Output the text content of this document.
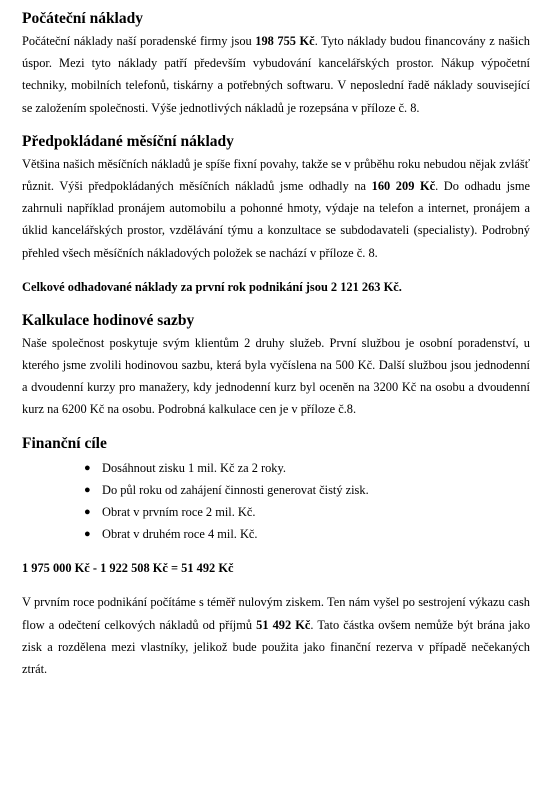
Počáteční náklady

Počáteční náklady naší poradenské firmy jsou 198 755 Kč. Tyto náklady budou financovány z našich úspor. Mezi tyto náklady patří především vybudování kancelářských prostor. Nákup výpočetní techniky, mobilních telefonů, tiskárny a potřebných softwaru. V neposlední řadě náklady související se založením společnosti. Výše jednotlivých nákladů je rozepsána v příloze č. 8.

Předpokládané měsíční náklady

Většina našich měsíčních nákladů je spíše fixní povahy, takže se v průběhu roku nebudou nějak zvlášť různit. Výši předpokládaných měsíčních nákladů jsme odhadly na 160 209 Kč. Do odhadu jsme zahrnuli například pronájem automobilu a pohonné hmoty, výdaje na telefon a internet, pronájem a úklid kancelářských prostor, vzdělávání týmu a konzultace se subdodavateli (specialisty). Podrobný přehled všech měsíčních nákladových položek se nachází v příloze č. 8.

Celkové odhadované náklady za první rok podnikání jsou 2 121 263 Kč.

Kalkulace hodinové sazby

Naše společnost poskytuje svým klientům 2 druhy služeb. První službou je osobní poradenství, u kterého jsme zvolili hodinovou sazbu, která byla vyčíslena na 500 Kč. Další službou jsou jednodenní a dvoudenní kurzy pro manažery, kdy jednodenní kurz byl oceněn na 3200 Kč na osobu a dvoudenní kurz na 6200 Kč na osobu. Podrobná kalkulace cen je v příloze č.8.

Finanční cíle
● Dosáhnout zisku 1 mil. Kč za 2 roky.
● Do půl roku od zahájení činnosti generovat čistý zisk.
● Obrat v prvním roce 2 mil. Kč.
● Obrat v druhém roce 4 mil. Kč.

1 975 000 Kč - 1 922 508 Kč = 51 492 Kč

V prvním roce podnikání počítáme s téměř nulovým ziskem. Ten nám vyšel po sestrojení výkazu cash flow a odečtení celkových nákladů od příjmů 51 492 Kč. Tato částka ovšem nemůže být brána jako zisk a rozdělena mezi vlastníky, jelikož bude použita jako finanční rezerva v případě nečekaných ztrát.
